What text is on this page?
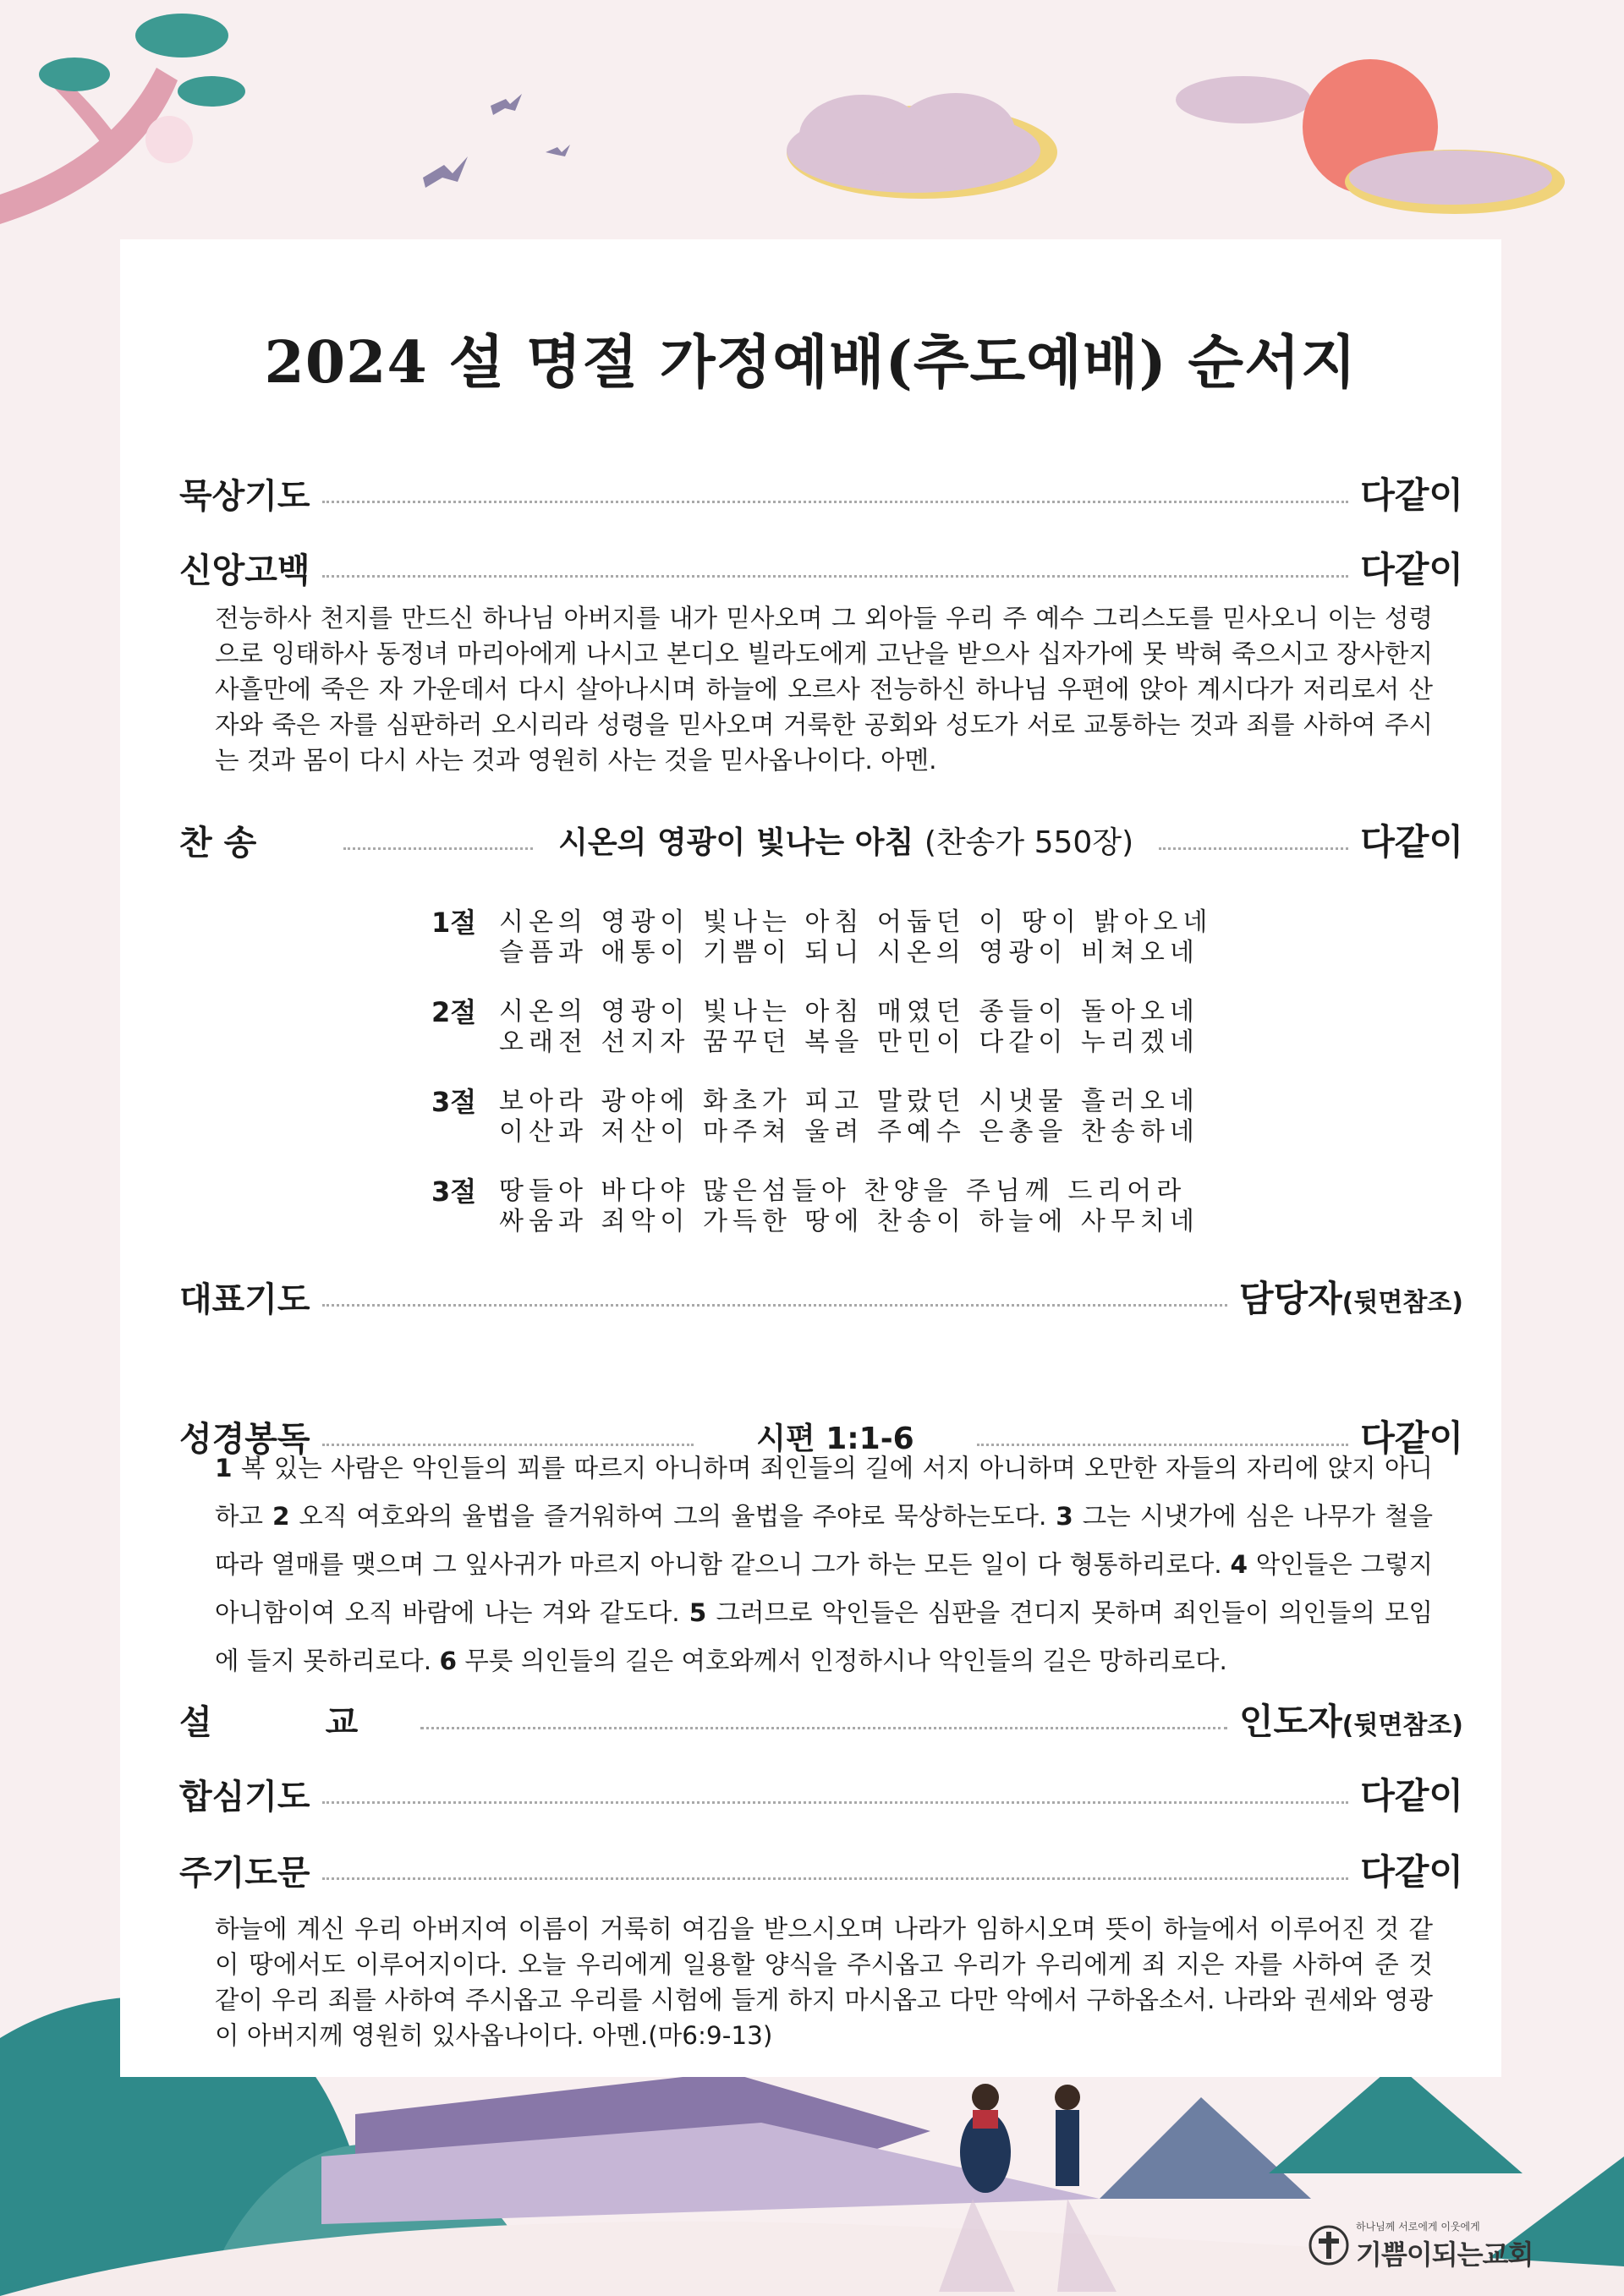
2024 설 명절 가정예배(추도예배) 순서지
묵상기도	다같이
신앙고백	다같이
전능하사 천지를 만드신 하나님 아버지를 내가 믿사오며 그 외아들 우리 주 예수 그리스도를 믿사오니 이는 성령으로 잉태하사 동정녀 마리아에게 나시고 본디오 빌라도에게 고난을 받으사 십자가에 못 박혀 죽으시고 장사한지 사흘만에 죽은 자 가운데서 다시 살아나시며 하늘에 오르사 전능하신 하나님 우편에 앉아 계시다가 저리로서 산자와 죽은 자를 심판하러 오시리라 성령을 믿사오며 거룩한 공회와 성도가 서로 교통하는 것과 죄를 사하여 주시는 것과 몸이 다시 사는 것과 영원히 사는 것을 믿사옵나이다. 아멘.
찬 송	시온의 영광이 빛나는 아침 (찬송가 550장)	다같이
1절 시온의 영광이 빛나는 아침 어둡던 이 땅이 밝아오네
슬픔과 애통이 기쁨이 되니 시온의 영광이 비쳐오네
2절 시온의 영광이 빛나는 아침 매였던 종들이 돌아오네
오래전 선지자 꿈꾸던 복을 만민이 다같이 누리겠네
3절 보아라 광야에 화초가 피고 말랐던 시냇물 흘러오네
이산과 저산이 마주쳐 울려 주예수 은총을 찬송하네
3절 땅들아 바다야 많은섬들아 찬양을 주님께 드리어라
싸움과 죄악이 가득한 땅에 찬송이 하늘에 사무치네
대표기도	담당자(뒷면참조)
성경봉독	시편 1:1-6	다같이
1 복 있는 사람은 악인들의 꾀를 따르지 아니하며 죄인들의 길에 서지 아니하며 오만한 자들의 자리에 앉지 아니하고 2 오직 여호와의 율법을 즐거워하여 그의 율법을 주야로 묵상하는도다. 3 그는 시냇가에 심은 나무가 철을 따라 열매를 맺으며 그 잎사귀가 마르지 아니함 같으니 그가 하는 모든 일이 다 형통하리로다. 4 악인들은 그렇지 아니함이여 오직 바람에 나는 겨와 같도다. 5 그러므로 악인들은 심판을 견디지 못하며 죄인들이 의인들의 모임에 들지 못하리로다. 6 무릇 의인들의 길은 여호와께서 인정하시나 악인들의 길은 망하리로다.
설 교	인도자(뒷면참조)
합심기도	다같이
주기도문	다같이
하늘에 계신 우리 아버지여 이름이 거룩히 여김을 받으시오며 나라가 임하시오며 뜻이 하늘에서 이루어진 것 같이 땅에서도 이루어지이다. 오늘 우리에게 일용할 양식을 주시옵고 우리가 우리에게 죄 지은 자를 사하여 준 것 같이 우리 죄를 사하여 주시옵고 우리를 시험에 들게 하지 마시옵고 다만 악에서 구하옵소서. 나라와 권세와 영광이 아버지께 영원히 있사옵나이다. 아멘.(마6:9-13)
하나님께 서로에게 이웃에게
기쁨이되는교회
